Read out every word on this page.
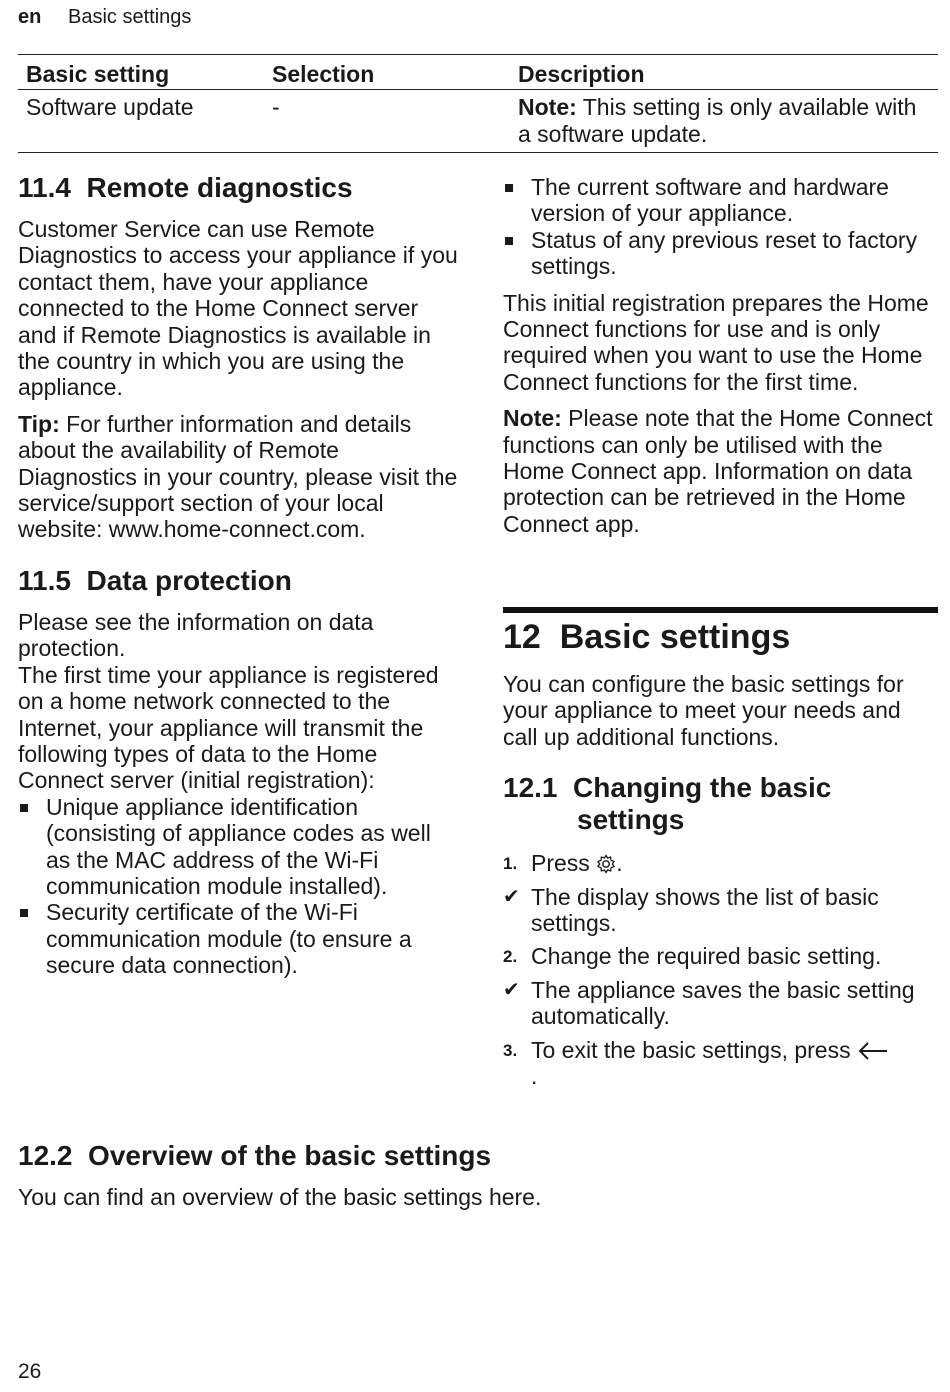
en Basic settings
Basic setting	Selection	Description
Software update	-	Note: This setting is only available with a software update.
11.4  Remote diagnostics

Customer Service can use Remote Diagnostics to access your appliance if you contact them, have your appliance connected to the Home Connect server and if Remote Diagnostics is available in the country in which you are using the appliance.

Tip: For further information and details about the availability of Remote Diagnostics in your country, please visit the service/support section of your local website: www.home-connect.com.

11.5  Data protection

Please see the information on data protection.

The first time your appliance is registered on a home network connected to the Internet, your appliance will transmit the following types of data to the Home Connect server (initial registration):

Unique appliance identification (consisting of appliance codes as well as the MAC address of the Wi-Fi communication module installed).
Security certificate of the Wi-Fi communication module (to ensure a secure data connection).
The current software and hardware version of your appliance.
Status of any previous reset to factory settings.

This initial registration prepares the Home Connect functions for use and is only required when you want to use the Home Connect functions for the first time.

Note: Please note that the Home Connect functions can only be utilised with the Home Connect app. Information on data protection can be retrieved in the Home Connect app.

12  Basic settings

You can configure the basic settings for your appliance to meet your needs and call up additional functions.

12.1  Changing the basic settings
1. Press .
✔ The display shows the list of basic settings.
2. Change the required basic setting.
✔ The appliance saves the basic setting automatically.
3. To exit the basic settings, press
.
12.2  Overview of the basic settings

You can find an overview of the basic settings here.

26
